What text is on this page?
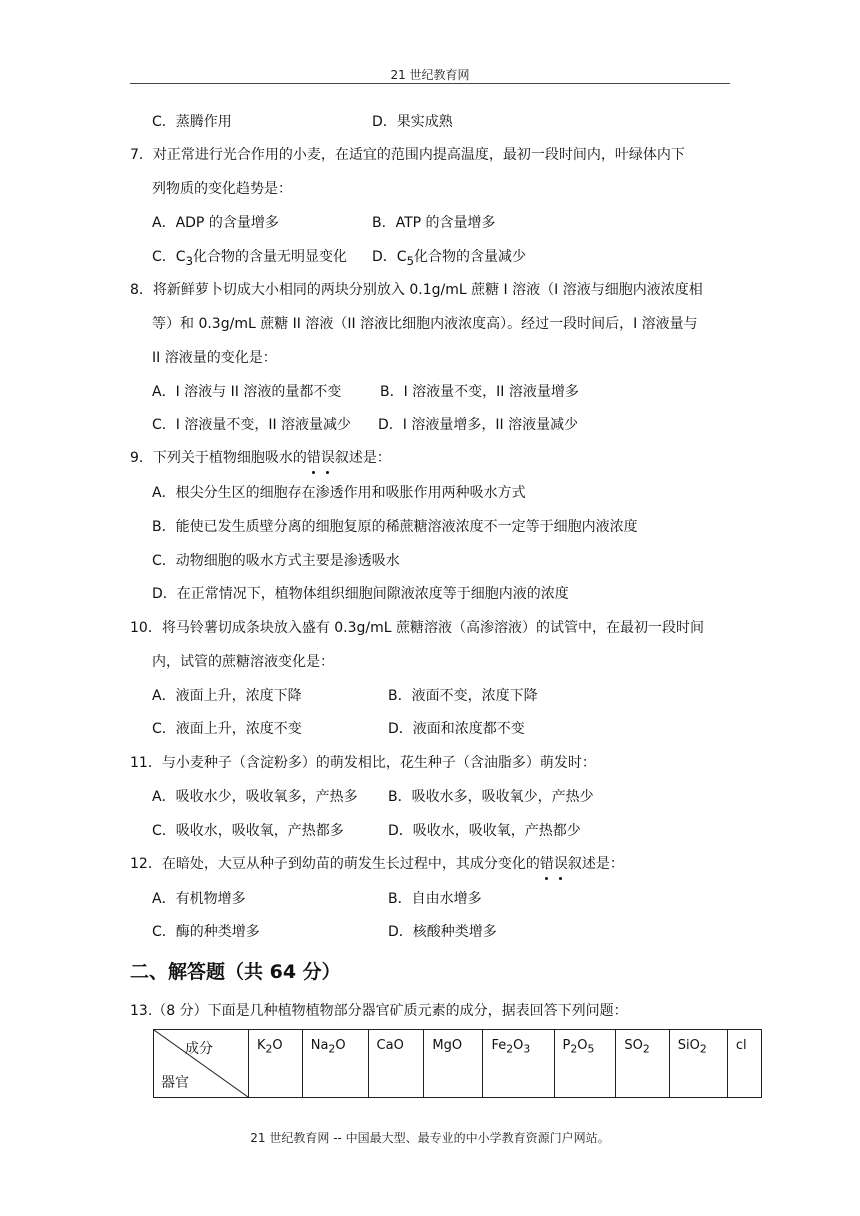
21 世纪教育网
C．蒸腾作用	D．果实成熟
7．对正常进行光合作用的小麦，在适宜的范围内提高温度，最初一段时间内，叶绿体内下
列物质的变化趋势是：
A．ADP 的含量增多	B．ATP 的含量增多
C．$C_3$化合物的含量无明显变化 D．$C_5$化合物的含量减少
8．将新鲜萝卜切成大小相同的两块分别放入 0.1g/mL 蔗糖 I 溶液（I 溶液与细胞内液浓度相
等）和 0.3g/mL 蔗糖 II 溶液（II 溶液比细胞内液浓度高）。经过一段时间后，I 溶液量与
II 溶液量的变化是：
A．I 溶液与 II 溶液的量都不变	B．I 溶液量不变，II 溶液量增多
C．I 溶液量不变，II 溶液量减少 D．I 溶液量增多，II 溶液量减少
9．下列关于植物细胞吸水的错误叙述是：
A．根尖分生区的细胞存在渗透作用和吸胀作用两种吸水方式
B．能使已发生质壁分离的细胞复原的稀蔗糖溶液浓度不一定等于细胞内液浓度
C．动物细胞的吸水方式主要是渗透吸水
D．在正常情况下，植物体组织细胞间隙液浓度等于细胞内液的浓度
10．将马铃薯切成条块放入盛有 0.3g/mL 蔗糖溶液（高渗溶液）的试管中，在最初一段时间
内，试管的蔗糖溶液变化是：
A．液面上升，浓度下降	B．液面不变，浓度下降
C．液面上升，浓度不变	D．液面和浓度都不变
11．与小麦种子（含淀粉多）的萌发相比，花生种子（含油脂多）萌发时：
A．吸收水少，吸收氧多，产热多 B．吸收水多，吸收氧少，产热少
C．吸收水，吸收氧，产热都多	D．吸收水，吸收氧，产热都少
12．在暗处，大豆从种子到幼苗的萌发生长过程中，其成分变化的错误叙述是：
A．有机物增多	B．自由水增多
C．酶的种类增多	D．核酸种类增多
二、解答题（共 64 分）
13.（8 分）下面是几种植物植物部分器官矿质元素的成分，据表回答下列问题：
成分
器官
	$K_2O$	$Na_2O$	CaO	MgO	$Fe_2O_3$	$P_2O_5$	$SO_2$	SiO$_2$	cl
21 世纪教育网 -- 中国最大型、最专业的中小学教育资源门户网站。
